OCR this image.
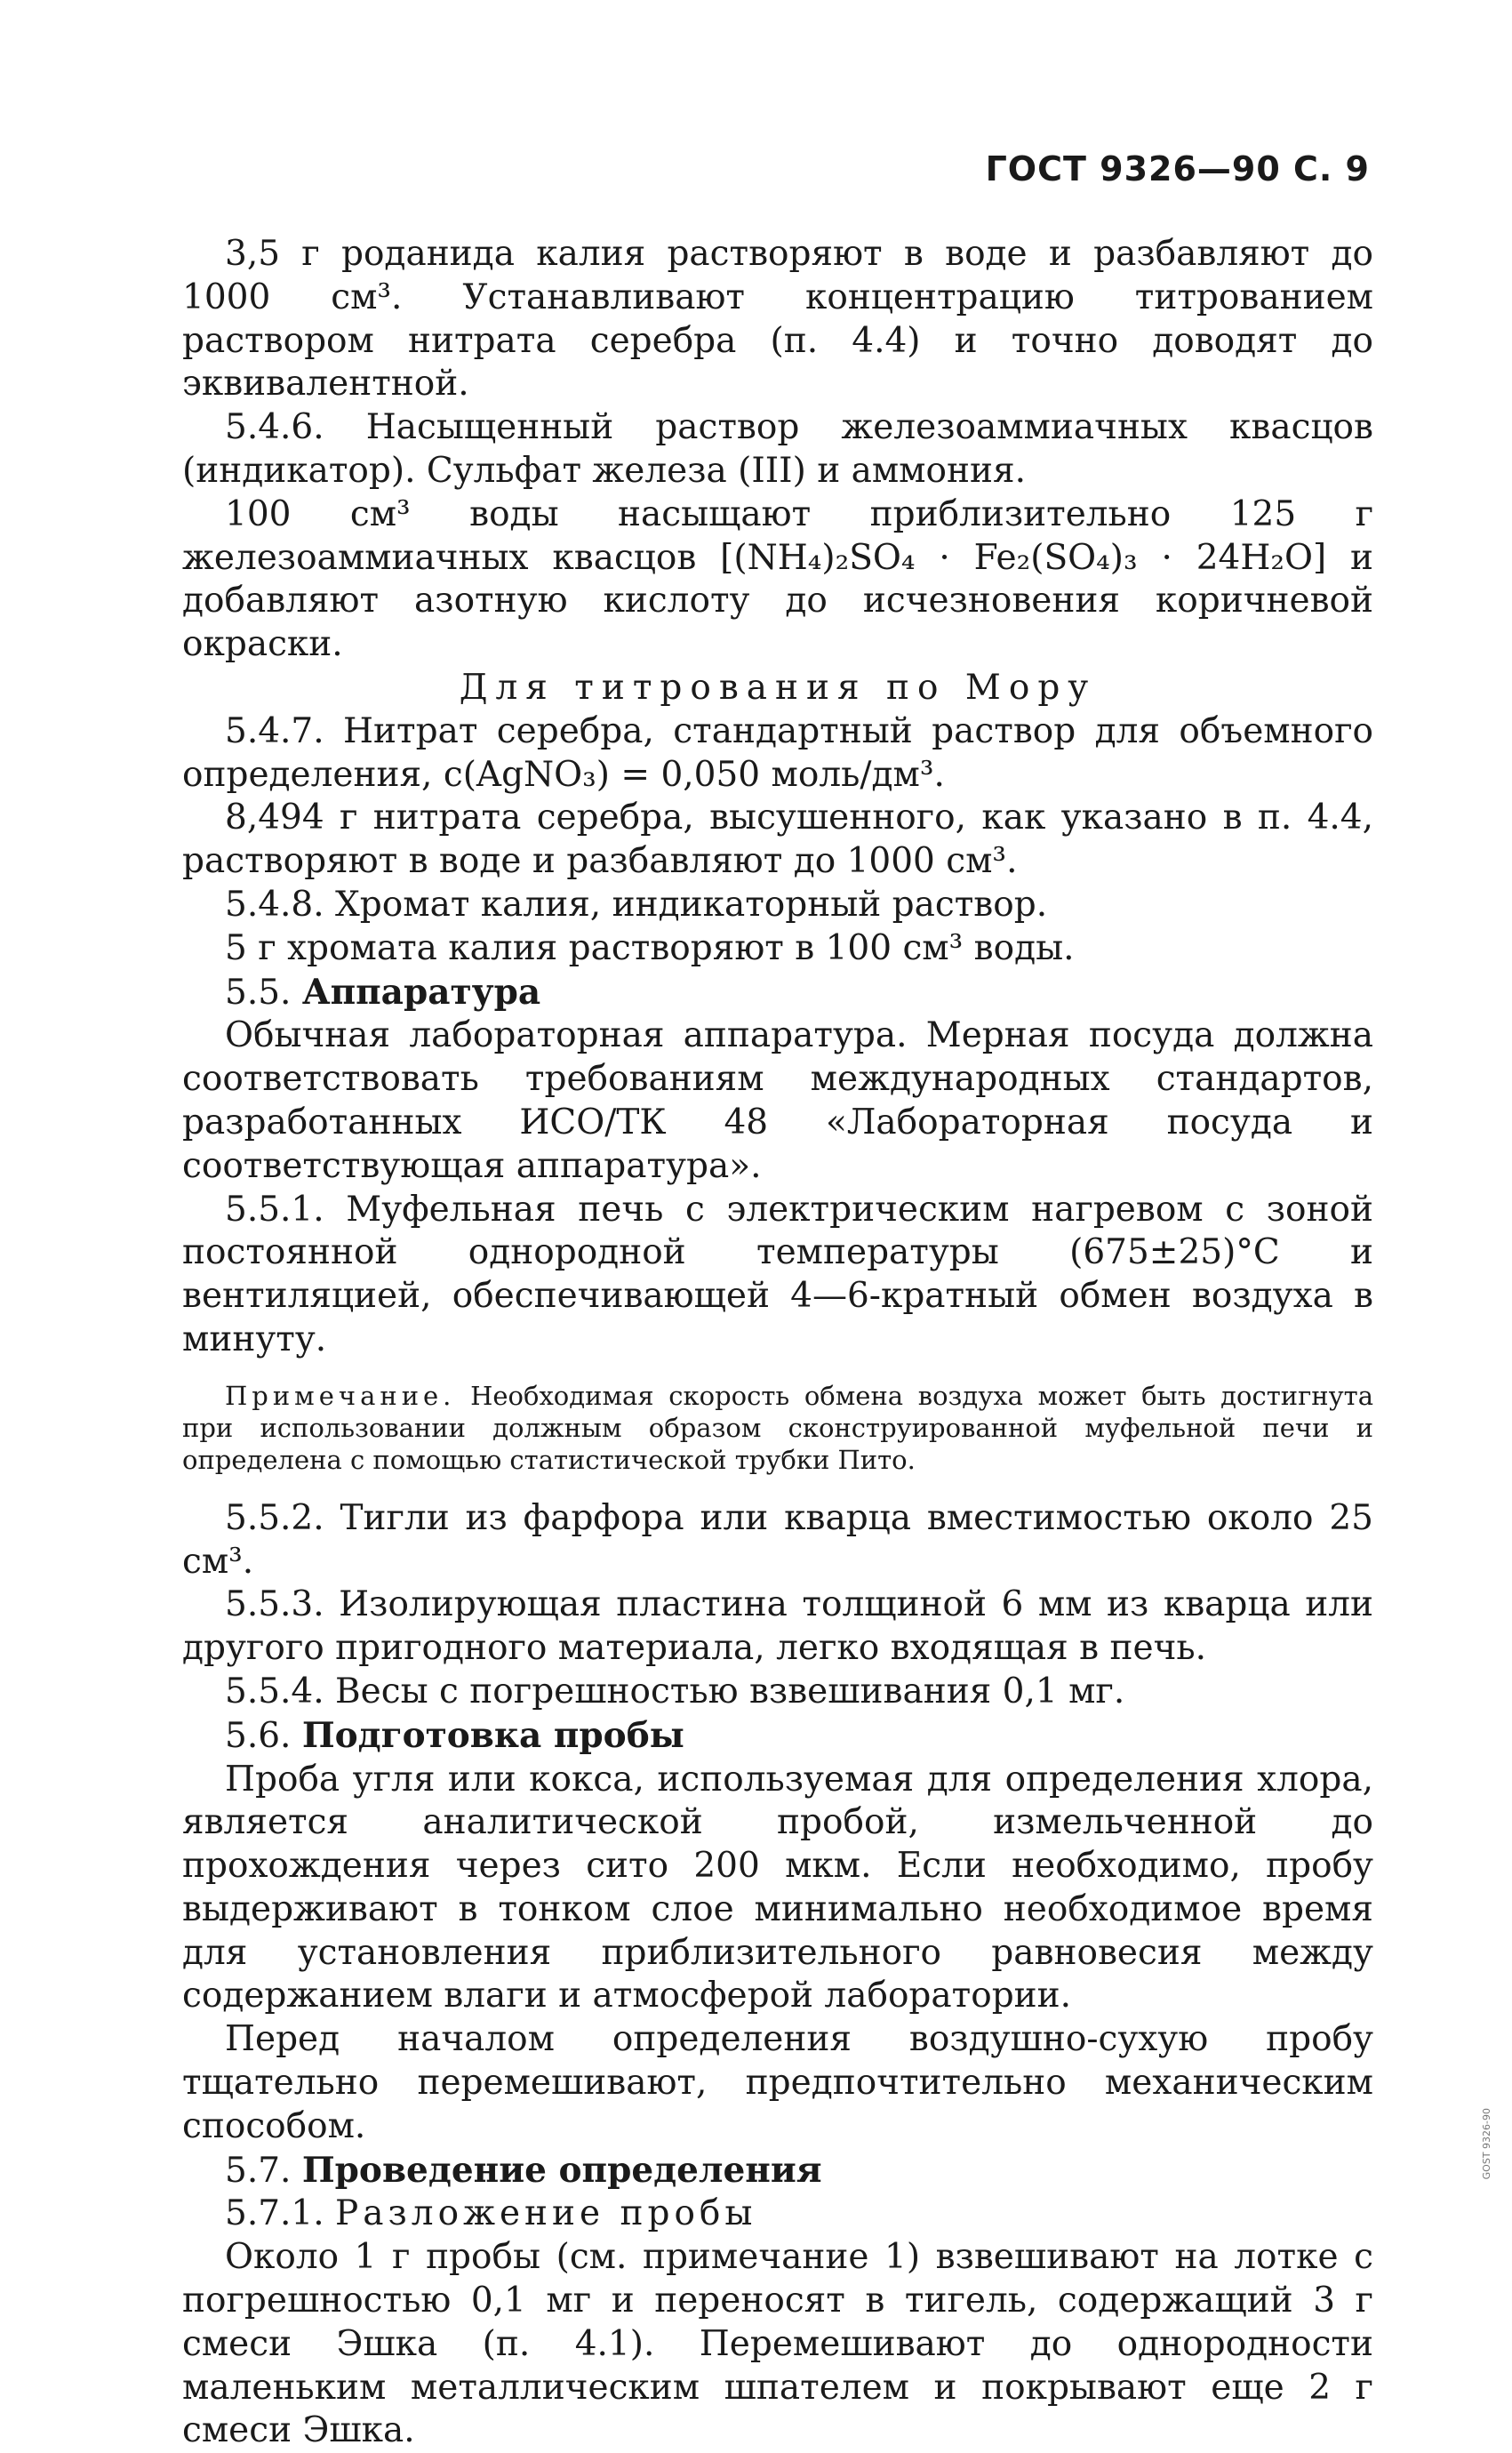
ГОСТ 9326—90 С. 9

3,5 г роданида калия растворяют в воде и разбавляют до 1000 см³. Устанавливают концентрацию титрованием раствором нитрата серебра (п. 4.4) и точно доводят до эквивалентной.

5.4.6. Насыщенный раствор железоаммиачных квасцов (индикатор). Сульфат железа (III) и аммония.

100 см³ воды насыщают приблизительно 125 г железоаммиачных квасцов [(NH₄)₂SO₄ · Fe₂(SO₄)₃ · 24H₂O] и добавляют азотную кислоту до исчезновения коричневой окраски.

Для титрования по Мору

5.4.7. Нитрат серебра, стандартный раствор для объемного определения, c(AgNO₃) = 0,050 моль/дм³.

8,494 г нитрата серебра, высушенного, как указано в п. 4.4, растворяют в воде и разбавляют до 1000 см³.

5.4.8. Хромат калия, индикаторный раствор.

5 г хромата калия растворяют в 100 см³ воды.

5.5. Аппаратура

Обычная лабораторная аппаратура. Мерная посуда должна соответствовать требованиям международных стандартов, разработанных ИСО/ТК 48 «Лабораторная посуда и соответствующая аппаратура».

5.5.1. Муфельная печь с электрическим нагревом с зоной постоянной однородной температуры (675±25)°С и вентиляцией, обеспечивающей 4—6-кратный обмен воздуха в минуту.

Примечание. Необходимая скорость обмена воздуха может быть достигнута при использовании должным образом сконструированной муфельной печи и определена с помощью статистической трубки Пито.

5.5.2. Тигли из фарфора или кварца вместимостью около 25 см³.

5.5.3. Изолирующая пластина толщиной 6 мм из кварца или другого пригодного материала, легко входящая в печь.

5.5.4. Весы с погрешностью взвешивания 0,1 мг.

5.6. Подготовка пробы

Проба угля или кокса, используемая для определения хлора, является аналитической пробой, измельченной до прохождения через сито 200 мкм. Если необходимо, пробу выдерживают в тонком слое минимально необходимое время для установления приблизительного равновесия между содержанием влаги и атмосферой лаборатории.

Перед началом определения воздушно-сухую пробу тщательно перемешивают, предпочтительно механическим способом.

5.7. Проведение определения

5.7.1. Разложение пробы

Около 1 г пробы (см. примечание 1) взвешивают на лотке с погрешностью 0,1 мг и переносят в тигель, содержащий 3 г смеси Эшка (п. 4.1). Перемешивают до однородности маленьким металлическим шпателем и покрывают еще 2 г смеси Эшка.

GOST 9326-90
